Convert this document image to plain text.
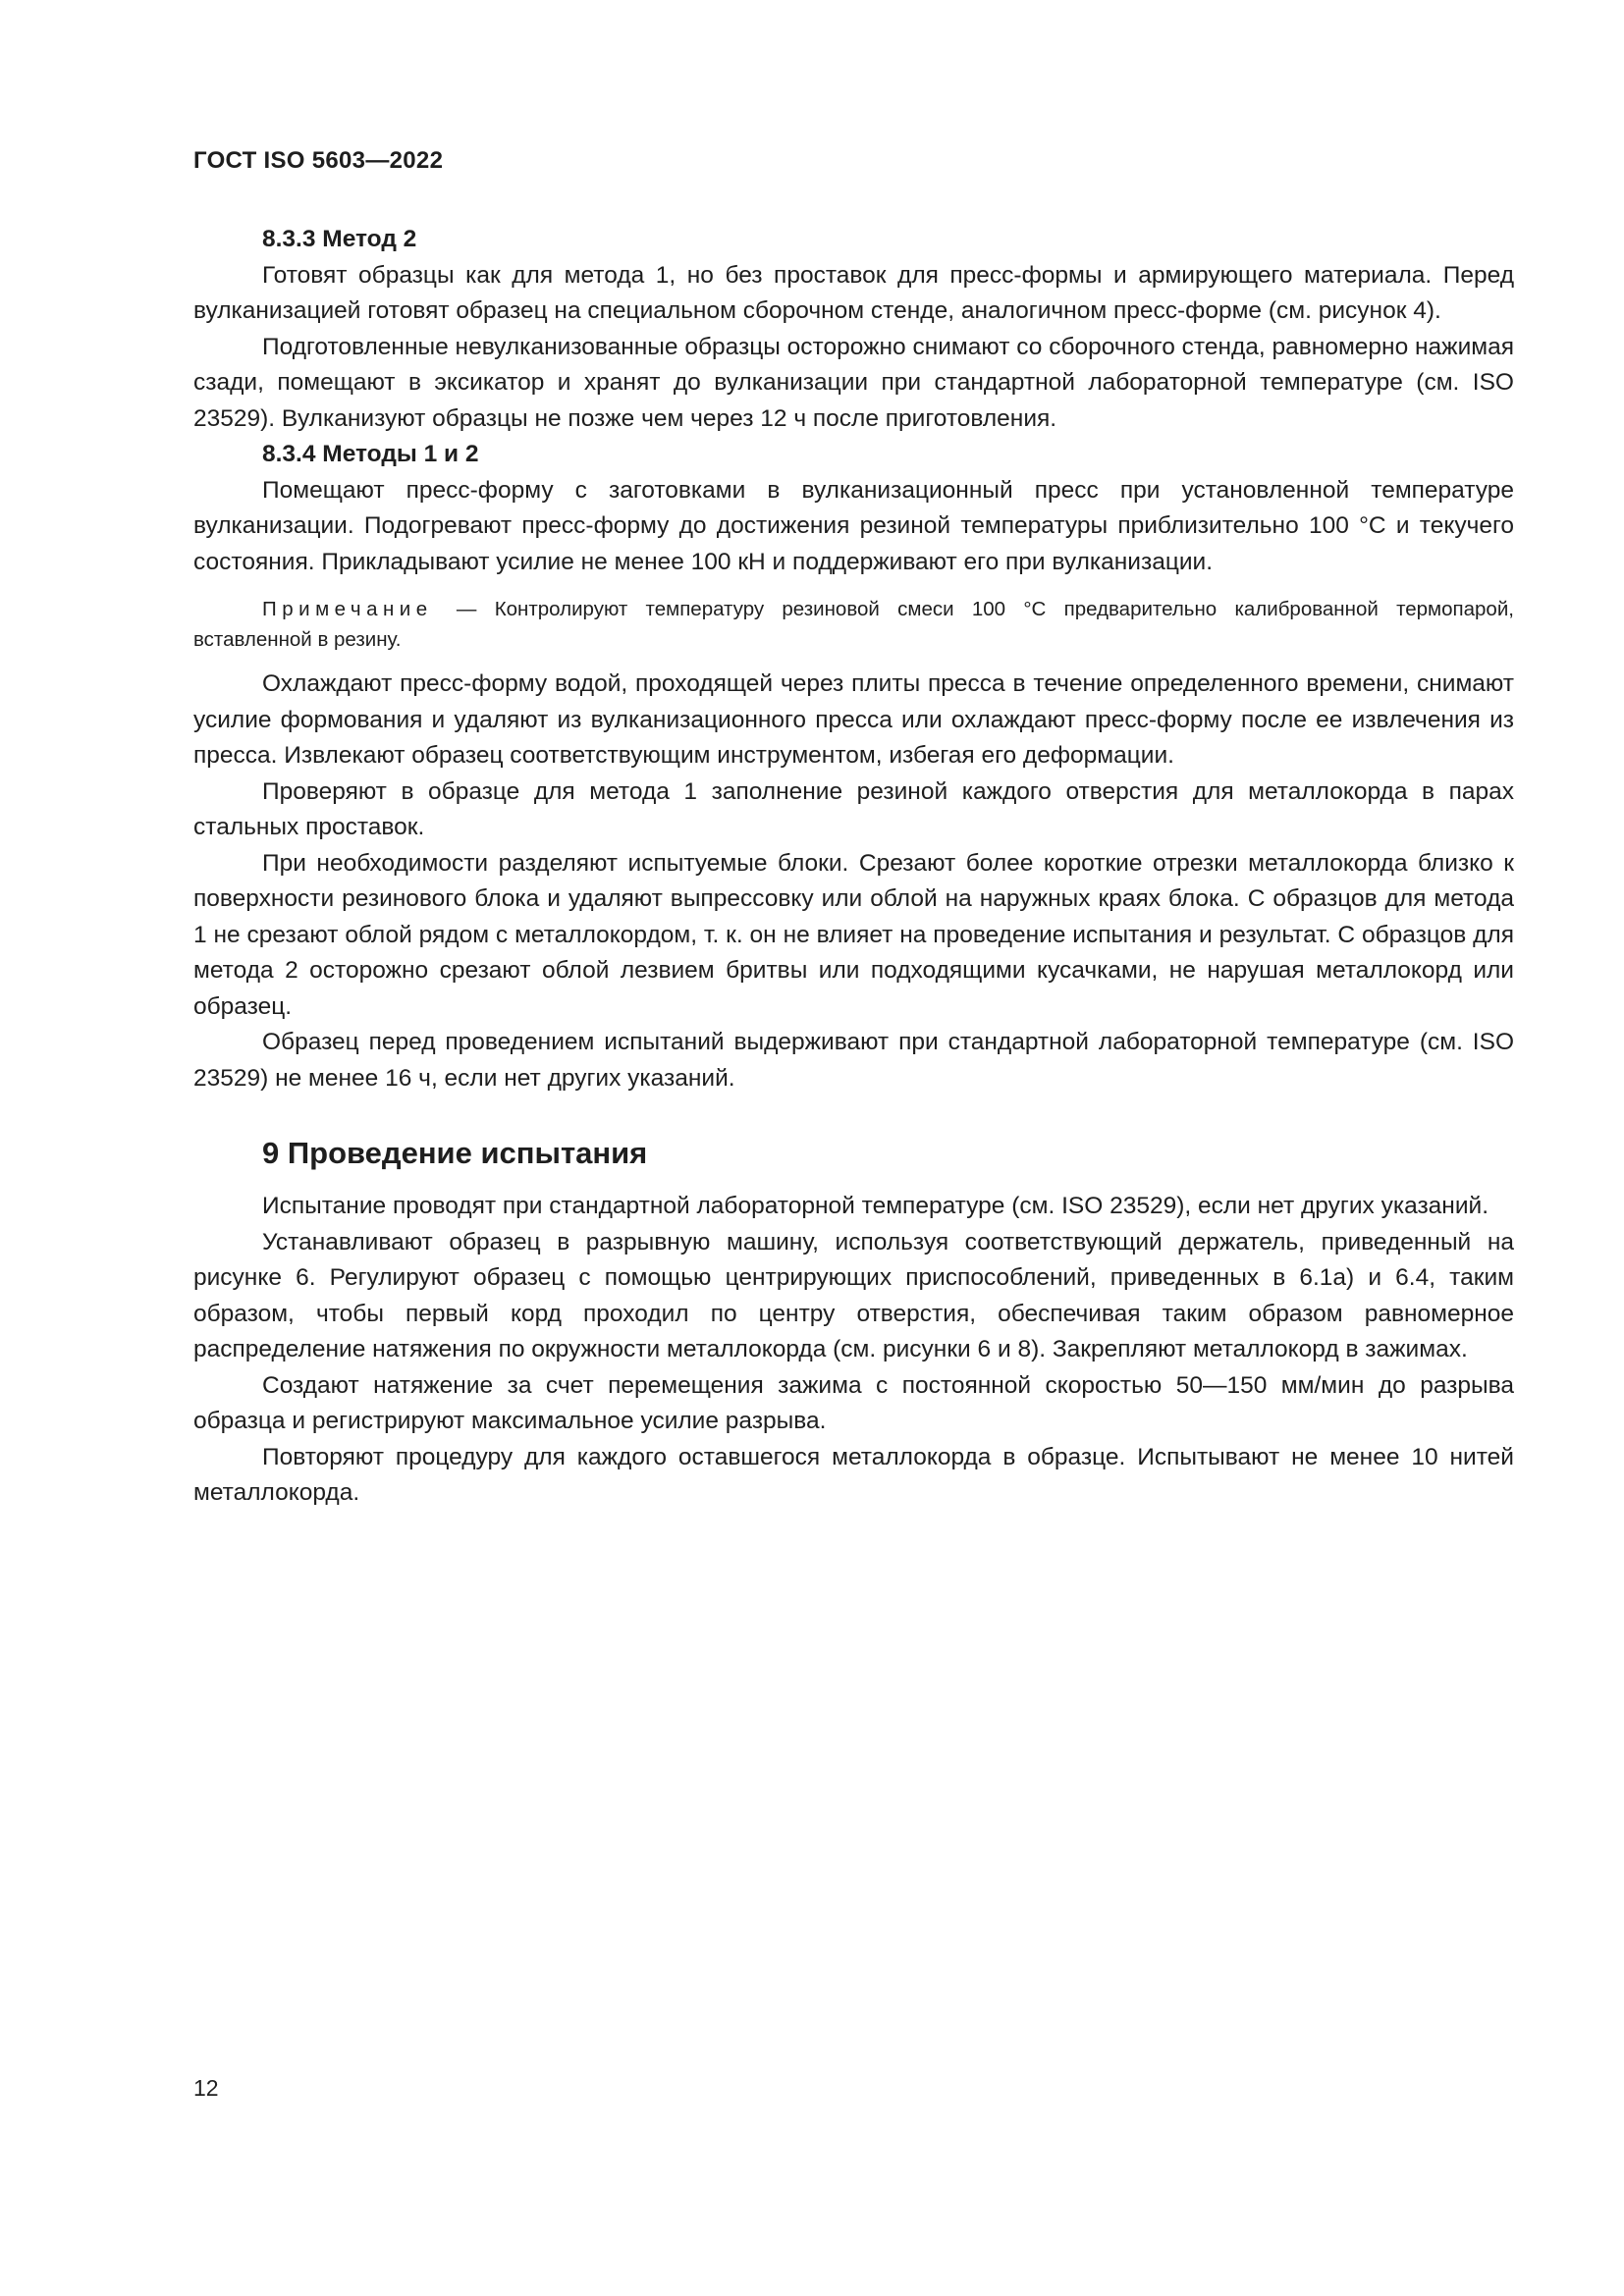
ГОСТ ISO 5603—2022

8.3.3 Метод 2

Готовят образцы как для метода 1, но без проставок для пресс-формы и армирующего материала. Перед вулканизацией готовят образец на специальном сборочном стенде, аналогичном пресс-форме (см. рисунок 4).

Подготовленные невулканизованные образцы осторожно снимают со сборочного стенда, равномерно нажимая сзади, помещают в эксикатор и хранят до вулканизации при стандартной лабораторной температуре (см. ISO 23529). Вулканизуют образцы не позже чем через 12 ч после приготовления.

8.3.4 Методы 1 и 2

Помещают пресс-форму с заготовками в вулканизационный пресс при установленной температуре вулканизации. Подогревают пресс-форму до достижения резиной температуры приблизительно 100 °С и текучего состояния. Прикладывают усилие не менее 100 кН и поддерживают его при вулканизации.

Примечание — Контролируют температуру резиновой смеси 100 °С предварительно калиброванной термопарой, вставленной в резину.

Охлаждают пресс-форму водой, проходящей через плиты пресса в течение определенного времени, снимают усилие формования и удаляют из вулканизационного пресса или охлаждают пресс-форму после ее извлечения из пресса. Извлекают образец соответствующим инструментом, избегая его деформации.

Проверяют в образце для метода 1 заполнение резиной каждого отверстия для металлокорда в парах стальных проставок.

При необходимости разделяют испытуемые блоки. Срезают более короткие отрезки металлокорда близко к поверхности резинового блока и удаляют выпрессовку или облой на наружных краях блока. С образцов для метода 1 не срезают облой рядом с металлокордом, т. к. он не влияет на проведение испытания и результат. С образцов для метода 2 осторожно срезают облой лезвием бритвы или подходящими кусачками, не нарушая металлокорд или образец.

Образец перед проведением испытаний выдерживают при стандартной лабораторной температуре (см. ISO 23529) не менее 16 ч, если нет других указаний.

9 Проведение испытания

Испытание проводят при стандартной лабораторной температуре (см. ISO 23529), если нет других указаний.

Устанавливают образец в разрывную машину, используя соответствующий держатель, приведенный на рисунке 6. Регулируют образец с помощью центрирующих приспособлений, приведенных в 6.1а) и 6.4, таким образом, чтобы первый корд проходил по центру отверстия, обеспечивая таким образом равномерное распределение натяжения по окружности металлокорда (см. рисунки 6 и 8). Закрепляют металлокорд в зажимах.

Создают натяжение за счет перемещения зажима с постоянной скоростью 50—150 мм/мин до разрыва образца и регистрируют максимальное усилие разрыва.

Повторяют процедуру для каждого оставшегося металлокорда в образце. Испытывают не менее 10 нитей металлокорда.

12
